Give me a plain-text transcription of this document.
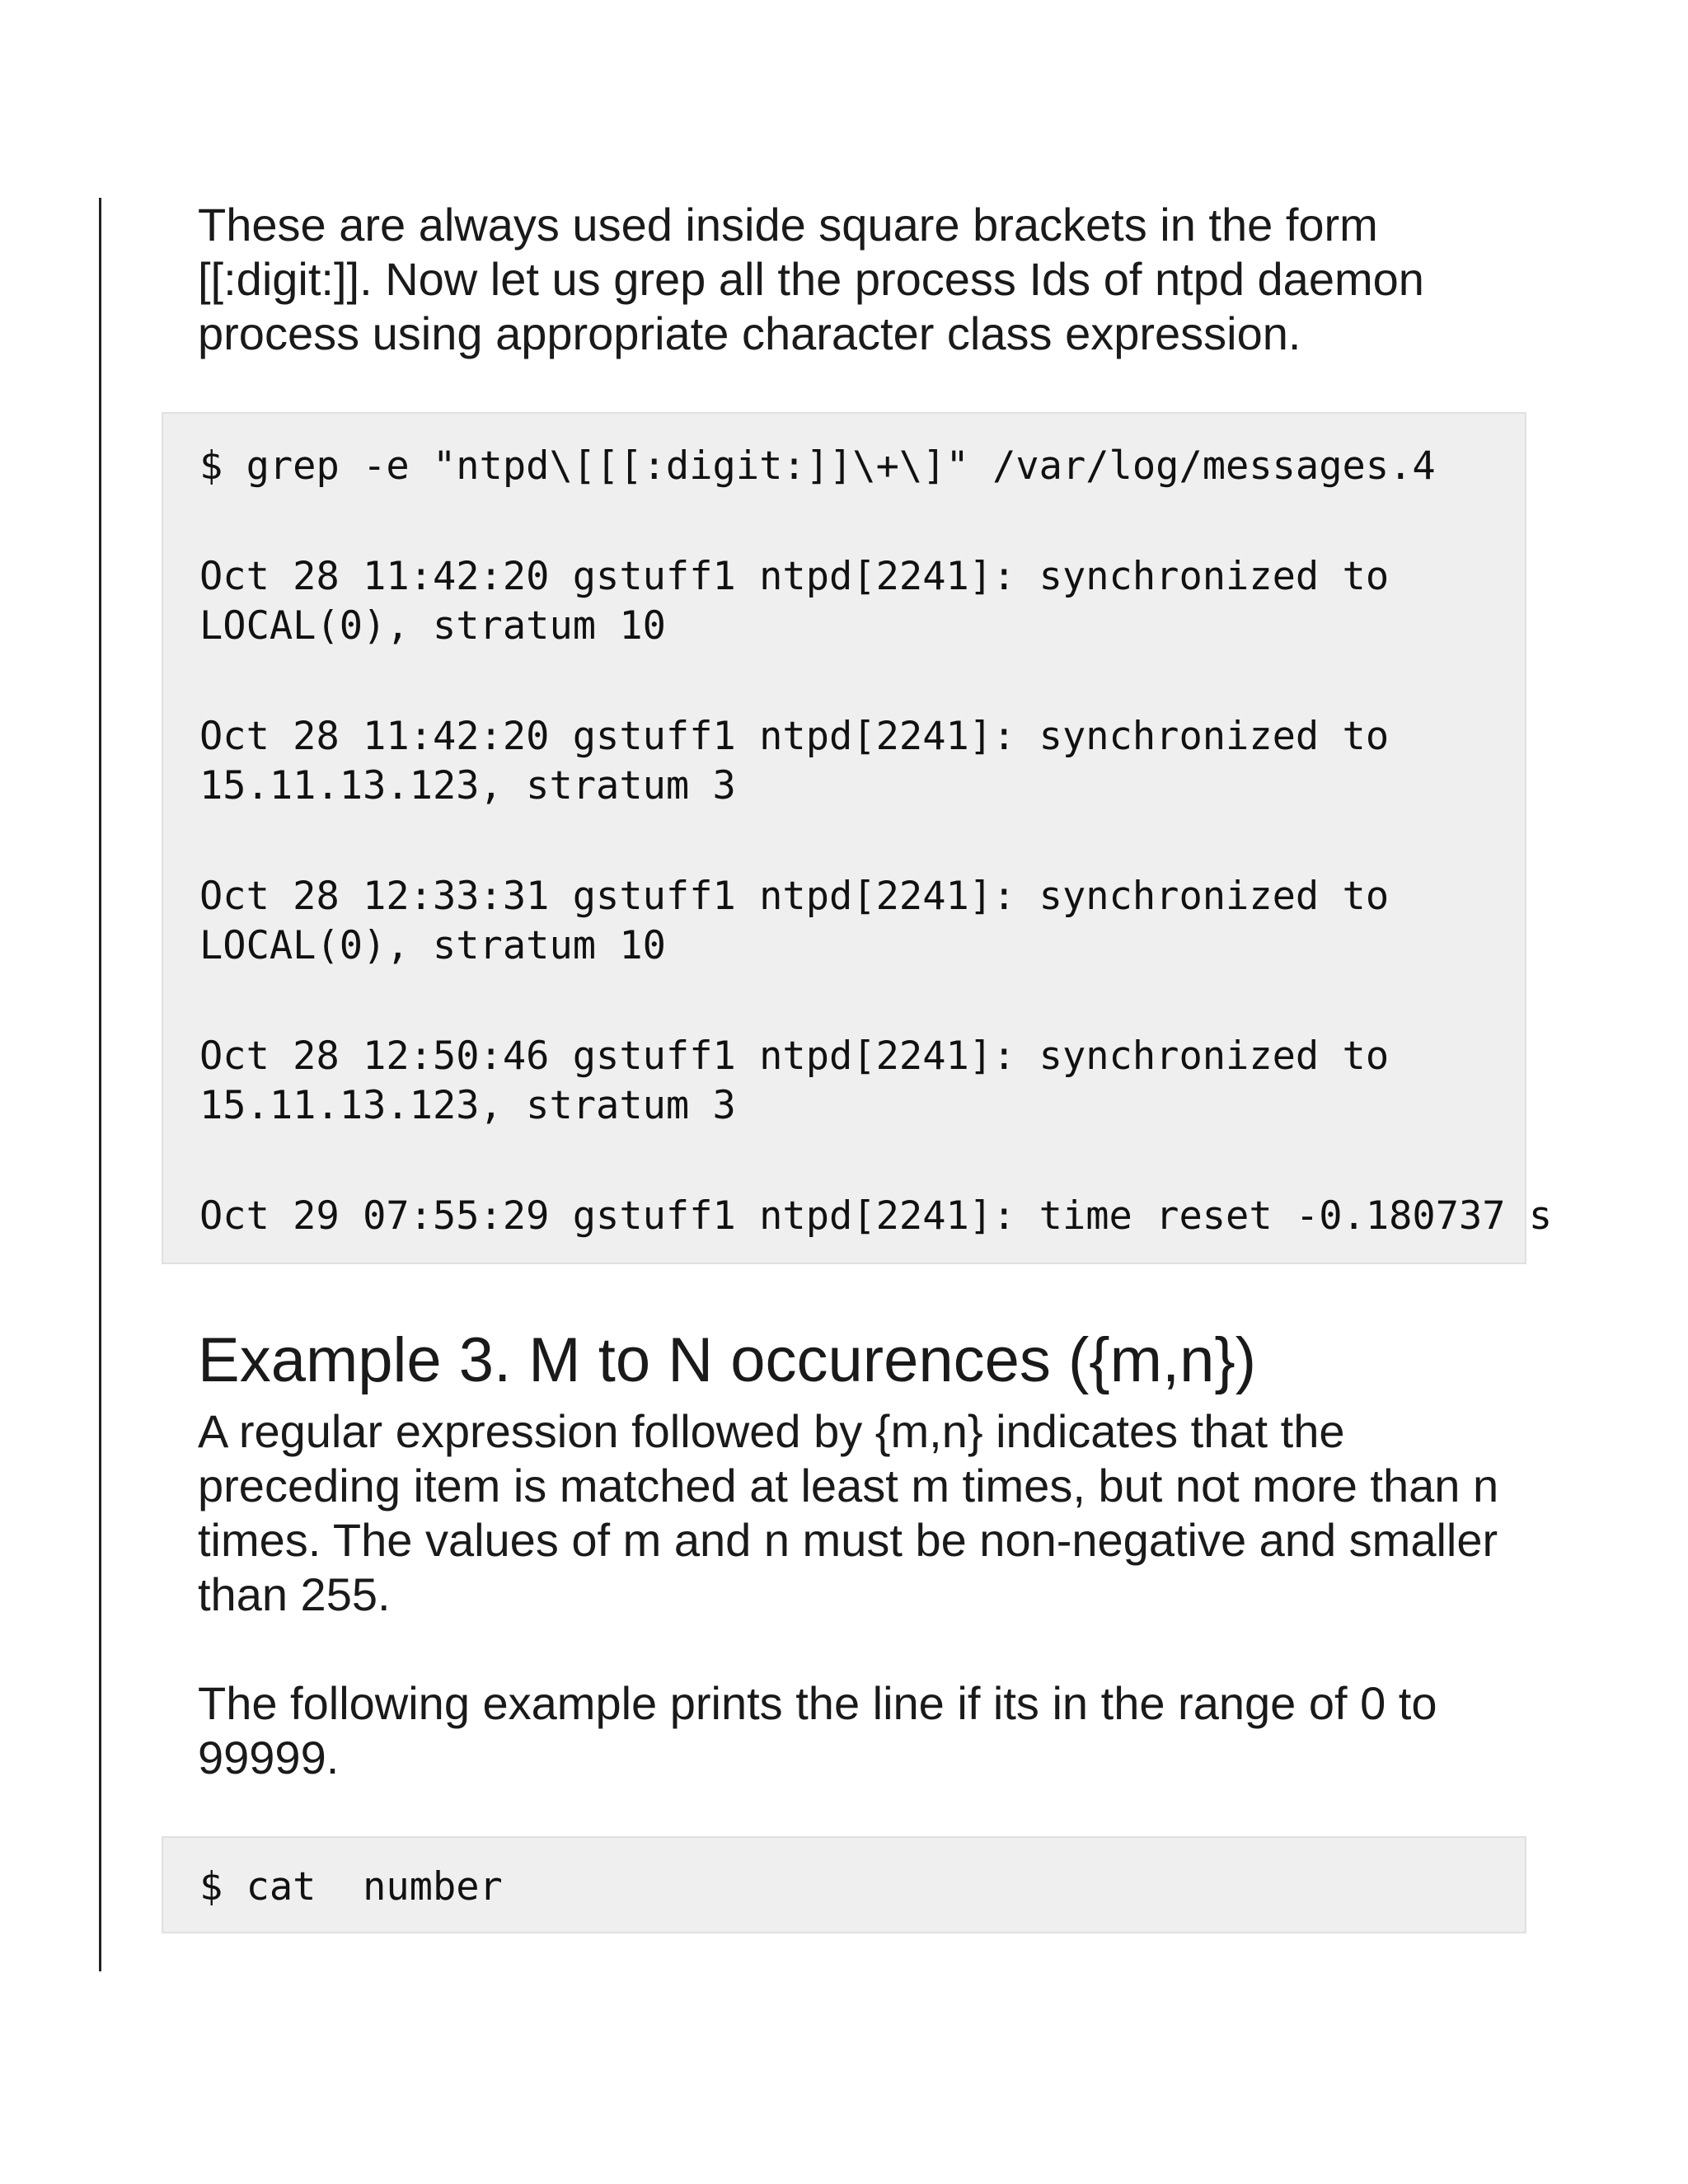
These are always used inside square brackets in the form [[:digit:]]. Now let us grep all the process Ids of ntpd daemon process using appropriate character class expression.

$ grep -e "ntpd\[[[:digit:]]\+\]" /var/log/messages.4
Oct 28 11:42:20 gstuff1 ntpd[2241]: synchronized to
LOCAL(0), stratum 10
Oct 28 11:42:20 gstuff1 ntpd[2241]: synchronized to
15.11.13.123, stratum 3
Oct 28 12:33:31 gstuff1 ntpd[2241]: synchronized to
LOCAL(0), stratum 10
Oct 28 12:50:46 gstuff1 ntpd[2241]: synchronized to
15.11.13.123, stratum 3
Oct 29 07:55:29 gstuff1 ntpd[2241]: time reset -0.180737 s
Example 3. M to N occurences ({m,n})

A regular expression followed by {m,n} indicates that the preceding item is matched at least m times, but not more than n times. The values of m and n must be non-negative and smaller than 255.

The following example prints the line if its in the range of 0 to 99999.

$ cat  number
